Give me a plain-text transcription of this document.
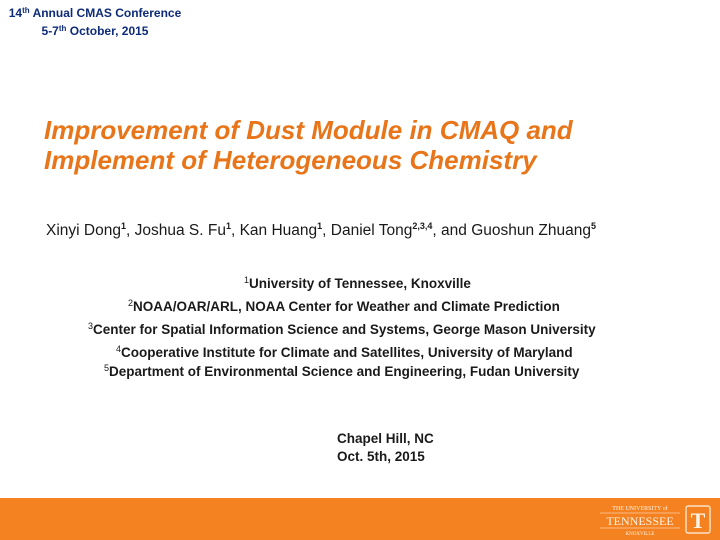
14th Annual CMAS Conference
5-7th October, 2015
Improvement of Dust Module in CMAQ and
Implement of Heterogeneous Chemistry
Xinyi Dong$^1$, Joshua S. Fu$^1$, Kan Huang$^1$, Daniel Tong$^{2,3,4}$, and Guoshun Zhuang$^5$
$^1$University of Tennessee, Knoxville
$^2$NOAA/OAR/ARL, NOAA Center for Weather and Climate Prediction
$^3$Center for Spatial Information Science and Systems, George Mason University
$^4$Cooperative Institute for Climate and Satellites, University of Maryland
$^5$Department of Environmental Science and Engineering, Fudan University
Chapel Hill, NC
Oct. 5th, 2015
THE UNIVERSITY of
TENNESSEE
KNOXVILLE
T
